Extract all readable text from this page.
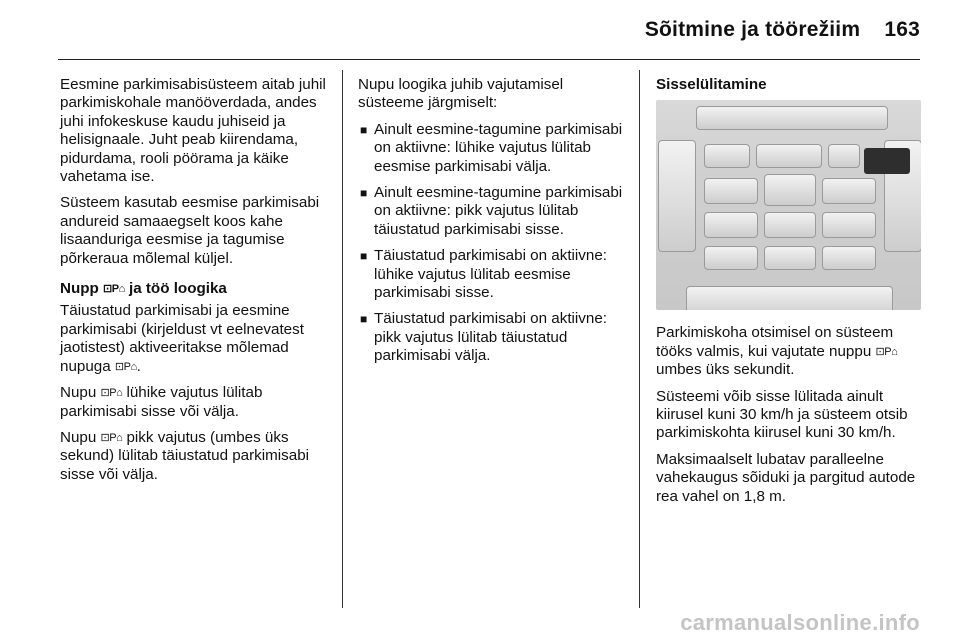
Sõitmine ja töörežiim 163

Eesmine parkimisabisüsteem aitab juhil parkimiskohale manööverdada, andes juhi infokeskuse kaudu juhiseid ja helisignaale. Juht peab kiirendama, pidurdama, rooli pöörama ja käike vahetama ise.

Süsteem kasutab eesmise parkimisabi andureid samaaegselt koos kahe lisaanduriga eesmise ja tagumise põrkeraua mõlemal küljel.

Nupp ⊡P⌂ ja töö loogika

Täiustatud parkimisabi ja eesmine parkimisabi (kirjeldust vt eelnevatest jaotistest) aktiveeritakse mõlemad nupuga ⊡P⌂.

Nupu ⊡P⌂ lühike vajutus lülitab parkimisabi sisse või välja.

Nupu ⊡P⌂ pikk vajutus (umbes üks sekund) lülitab täiustatud parkimisabi sisse või välja.

Nupu loogika juhib vajutamisel süsteeme järgmiselt:

■ Ainult eesmine-tagumine parkimisabi on aktiivne: lühike vajutus lülitab eesmise parkimisabi välja.
■ Ainult eesmine-tagumine parkimisabi on aktiivne: pikk vajutus lülitab täiustatud parkimisabi sisse.
■ Täiustatud parkimisabi on aktiivne: lühike vajutus lülitab eesmise parkimisabi sisse.
■ Täiustatud parkimisabi on aktiivne: pikk vajutus lülitab täiustatud parkimisabi välja.
Sisselülitamine

Parkimiskoha otsimisel on süsteem tööks valmis, kui vajutate nuppu ⊡P⌂ umbes üks sekundit.

Süsteemi võib sisse lülitada ainult kiirusel kuni 30 km/h ja süsteem otsib parkimiskohta kiirusel kuni 30 km/h.

Maksimaalselt lubatav paralleelne vahekaugus sõiduki ja pargitud autode rea vahel on 1,8 m.

carmanualsonline.info
